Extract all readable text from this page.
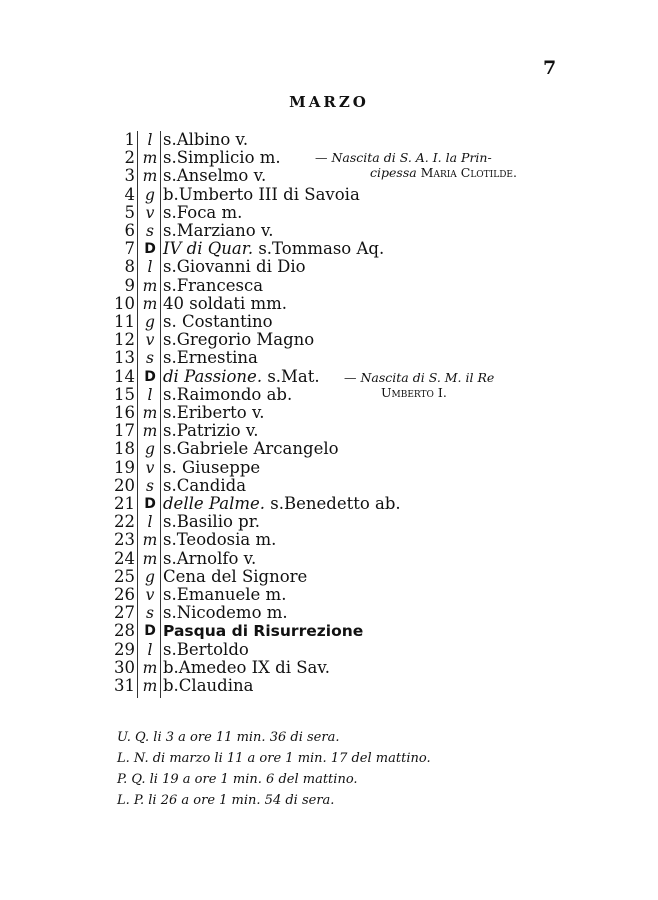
7
MARZO
1 l s.Albino v.
2 m s.Simplicio m.
3 m s.Anselmo v.
4 g b.Umberto III di Savoia
5 v s.Foca m.
6 s s.Marziano v.
7 D IV di Quar. s.Tommaso Aq.
8 l s.Giovanni di Dio
9 m s.Francesca
10 m 40 soldati mm.
11 g s. Costantino
12 v s.Gregorio Magno
13 s s.Ernestina
14 D di Passione. s.Mat.
15 l s.Raimondo ab.
16 m s.Eriberto v.
17 m s.Patrizio v.
18 g s.Gabriele Arcangelo
19 v s. Giuseppe
20 s s.Candida
21 D delle Palme. s.Benedetto ab.
22 l s.Basilio pr.
23 m s.Teodosia m.
24 m s.Arnolfo v.
25 g Cena del Signore
26 v s.Emanuele m.
27 s s.Nicodemo m.
28 D Pasqua di Risurrezione
29 l s.Bertoldo
30 m b.Amedeo IX di Sav.
31 m b.Claudina
— Nascita di S. A. I. la Prin-
cipessa Maria Clotilde.
— Nascita di S. M. il Re
Umberto I.
U. Q. li 3 a ore 11 min. 36 di sera.
L. N. di marzo li 11 a ore 1 min. 17 del mattino.
P. Q. li 19 a ore 1 min. 6 del mattino.
L. P. li 26 a ore 1 min. 54 di sera.
